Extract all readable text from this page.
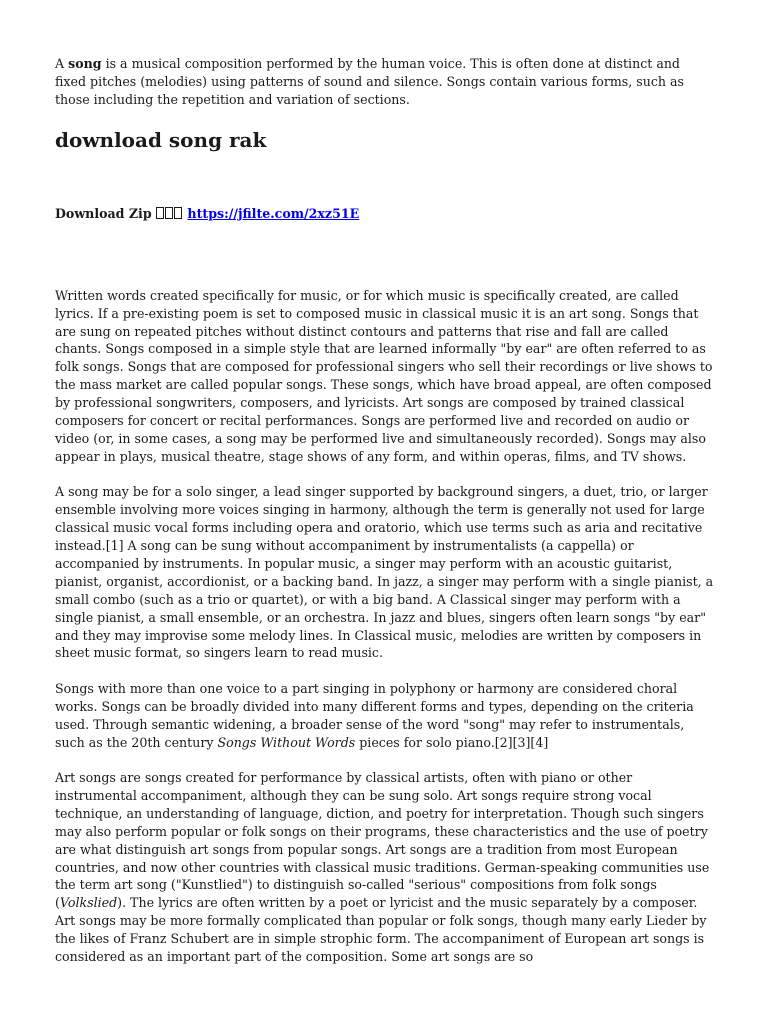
A song is a musical composition performed by the human voice. This is often done at distinct and fixed pitches (melodies) using patterns of sound and silence. Songs contain various forms, such as those including the repetition and variation of sections.

download song rak
Download Zip	https://jfilte.com/2xz51E

Written words created specifically for music, or for which music is specifically created, are called lyrics. If a pre-existing poem is set to composed music in classical music it is an art song. Songs that are sung on repeated pitches without distinct contours and patterns that rise and fall are called chants. Songs composed in a simple style that are learned informally "by ear" are often referred to as folk songs. Songs that are composed for professional singers who sell their recordings or live shows to the mass market are called popular songs. These songs, which have broad appeal, are often composed by professional songwriters, composers, and lyricists. Art songs are composed by trained classical composers for concert or recital performances. Songs are performed live and recorded on audio or video (or, in some cases, a song may be performed live and simultaneously recorded). Songs may also appear in plays, musical theatre, stage shows of any form, and within operas, films, and TV shows.

A song may be for a solo singer, a lead singer supported by background singers, a duet, trio, or larger ensemble involving more voices singing in harmony, although the term is generally not used for large classical music vocal forms including opera and oratorio, which use terms such as aria and recitative instead.[1] A song can be sung without accompaniment by instrumentalists (a cappella) or accompanied by instruments. In popular music, a singer may perform with an acoustic guitarist, pianist, organist, accordionist, or a backing band. In jazz, a singer may perform with a single pianist, a small combo (such as a trio or quartet), or with a big band. A Classical singer may perform with a single pianist, a small ensemble, or an orchestra. In jazz and blues, singers often learn songs "by ear" and they may improvise some melody lines. In Classical music, melodies are written by composers in sheet music format, so singers learn to read music.

Songs with more than one voice to a part singing in polyphony or harmony are considered choral works. Songs can be broadly divided into many different forms and types, depending on the criteria used. Through semantic widening, a broader sense of the word "song" may refer to instrumentals, such as the 20th century Songs Without Words pieces for solo piano.[2][3][4]

Art songs are songs created for performance by classical artists, often with piano or other instrumental accompaniment, although they can be sung solo. Art songs require strong vocal technique, an understanding of language, diction, and poetry for interpretation. Though such singers may also perform popular or folk songs on their programs, these characteristics and the use of poetry are what distinguish art songs from popular songs. Art songs are a tradition from most European countries, and now other countries with classical music traditions. German-speaking communities use the term art song ("Kunstlied") to distinguish so-called "serious" compositions from folk songs (Volkslied). The lyrics are often written by a poet or lyricist and the music separately by a composer. Art songs may be more formally complicated than popular or folk songs, though many early Lieder by the likes of Franz Schubert are in simple strophic form. The accompaniment of European art songs is considered as an important part of the composition. Some art songs are so
